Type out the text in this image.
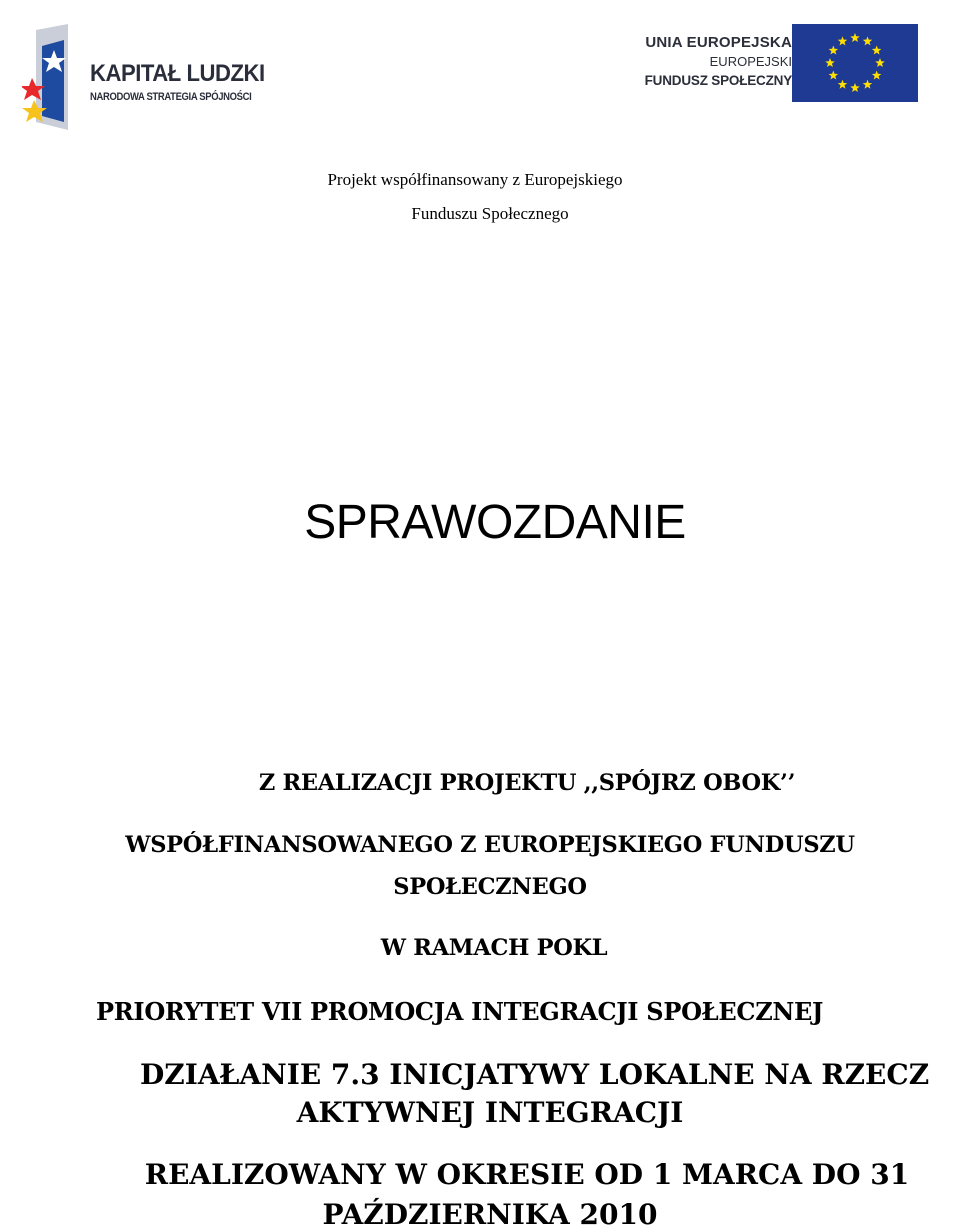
KAPITAŁ LUDZKI
NARODOWA STRATEGIA SPÓJNOŚCI
UNIA EUROPEJSKA
EUROPEJSKI
FUNDUSZ SPOŁECZNY
Projekt współfinansowany z Europejskiego
Funduszu Społecznego
SPRAWOZDANIE
Z REALIZACJI PROJEKTU ,,SPÓJRZ OBOK’’
WSPÓŁFINANSOWANEGO Z EUROPEJSKIEGO FUNDUSZU
SPOŁECZNEGO
W RAMACH POKL
PRIORYTET VII PROMOCJA INTEGRACJI SPOŁECZNEJ
DZIAŁANIE 7.3 INICJATYWY LOKALNE NA RZECZ
AKTYWNEJ INTEGRACJI
REALIZOWANY W OKRESIE OD 1 MARCA DO 31
PAŹDZIERNIKA 2010
